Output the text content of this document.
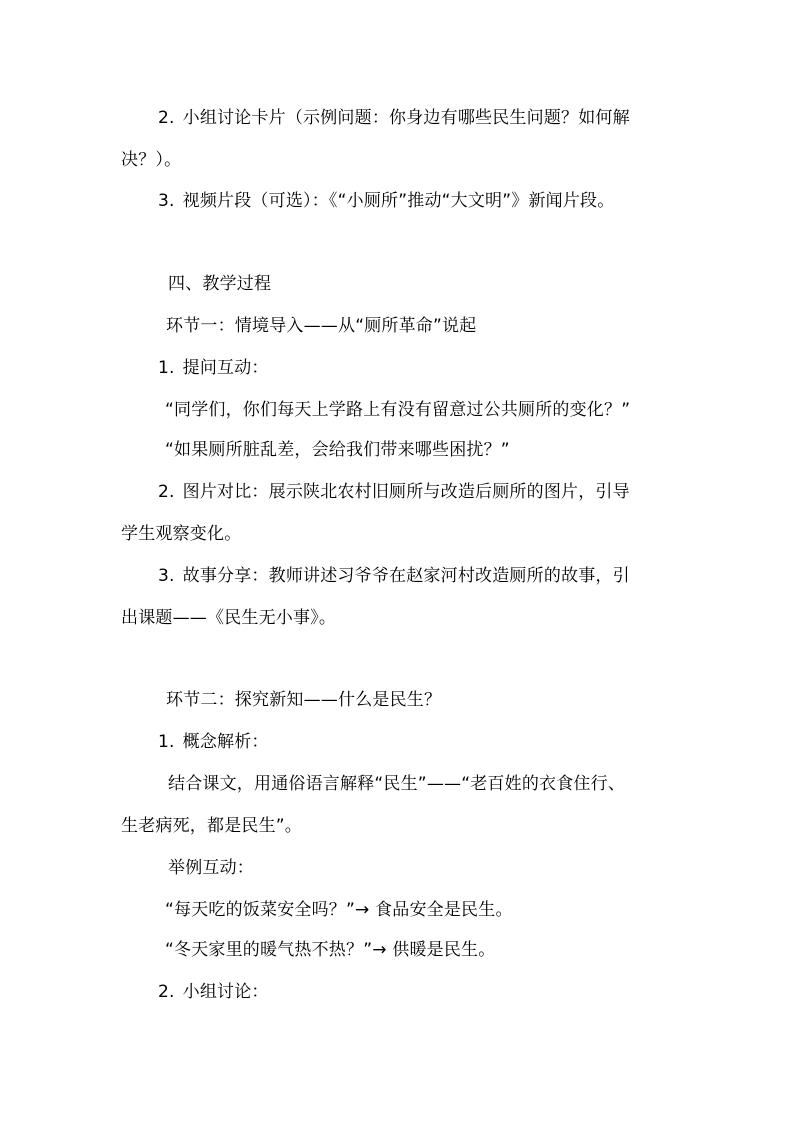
2. 小组讨论卡片（示例问题：你身边有哪些民生问题？如何解
决？）。
3. 视频片段（可选）：《“小厕所”推动“大文明”》新闻片段。
四、教学过程
环节一：情境导入——从“厕所革命”说起
1. 提问互动：
“同学们，你们每天上学路上有没有留意过公共厕所的变化？”
“如果厕所脏乱差，会给我们带来哪些困扰？”
2. 图片对比：展示陕北农村旧厕所与改造后厕所的图片，引导
学生观察变化。
3. 故事分享：教师讲述习爷爷在赵家河村改造厕所的故事，引
出课题——《民生无小事》。
环节二：探究新知——什么是民生？
1. 概念解析：
结合课文，用通俗语言解释“民生”——“老百姓的衣食住行、
生老病死，都是民生”。
举例互动：
“每天吃的饭菜安全吗？”→ 食品安全是民生。
“冬天家里的暖气热不热？”→ 供暖是民生。
2. 小组讨论：
